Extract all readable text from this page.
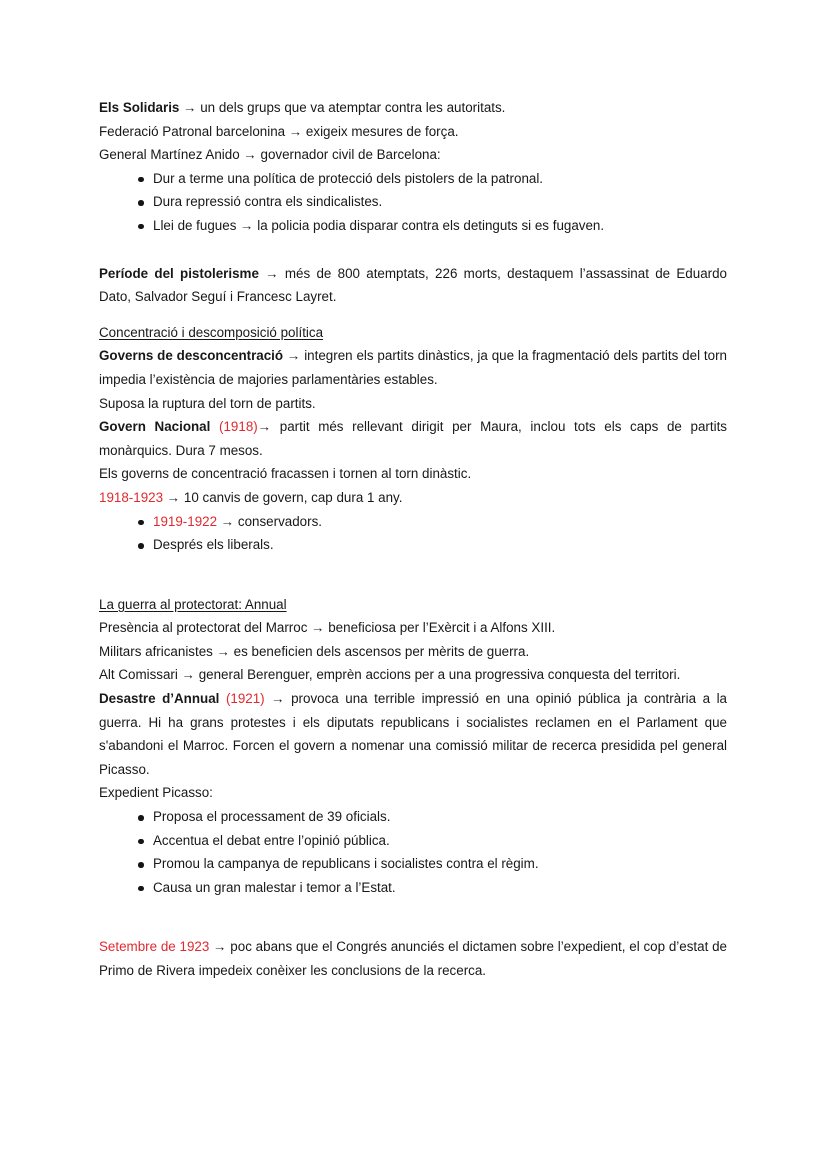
Els Solidaris → un dels grups que va atemptar contra les autoritats.

Federació Patronal barcelonina → exigeix mesures de força.

General Martínez Anido → governador civil de Barcelona:

Dur a terme una política de protecció dels pistolers de la patronal.
Dura repressió contra els sindicalistes.
Llei de fugues → la policia podia disparar contra els detinguts si es fugaven.

Període del pistolerisme → més de 800 atemptats, 226 morts, destaquem l’assassinat de Eduardo Dato, Salvador Seguí i Francesc Layret.

Concentració i descomposició política

Governs de desconcentració → integren els partits dinàstics, ja que la fragmentació dels partits del torn impedia l’existència de majories parlamentàries estables.

Suposa la ruptura del torn de partits.

Govern Nacional (1918)→ partit més rellevant dirigit per Maura, inclou tots els caps de partits monàrquics. Dura 7 mesos.

Els governs de concentració fracassen i tornen al torn dinàstic.

1918-1923 → 10 canvis de govern, cap dura 1 any.

1919-1922 → conservadors.
Després els liberals.

La guerra al protectorat: Annual

Presència al protectorat del Marroc → beneficiosa per l’Exèrcit i a Alfons XIII.

Militars africanistes → es beneficien dels ascensos per mèrits de guerra.

Alt Comissari → general Berenguer, emprèn accions per a una progressiva conquesta del territori.

Desastre d’Annual (1921) → provoca una terrible impressió en una opinió pública ja contrària a la guerra. Hi ha grans protestes i els diputats republicans i socialistes reclamen en el Parlament que s'abandoni el Marroc. Forcen el govern a nomenar una comissió militar de recerca presidida pel general Picasso.

Expedient Picasso:

Proposa el processament de 39 oficials.
Accentua el debat entre l’opinió pública.
Promou la campanya de republicans i socialistes contra el règim.
Causa un gran malestar i temor a l’Estat.

Setembre de 1923 → poc abans que el Congrés anunciés el dictamen sobre l’expedient, el cop d’estat de Primo de Rivera impedeix conèixer les conclusions de la recerca.
